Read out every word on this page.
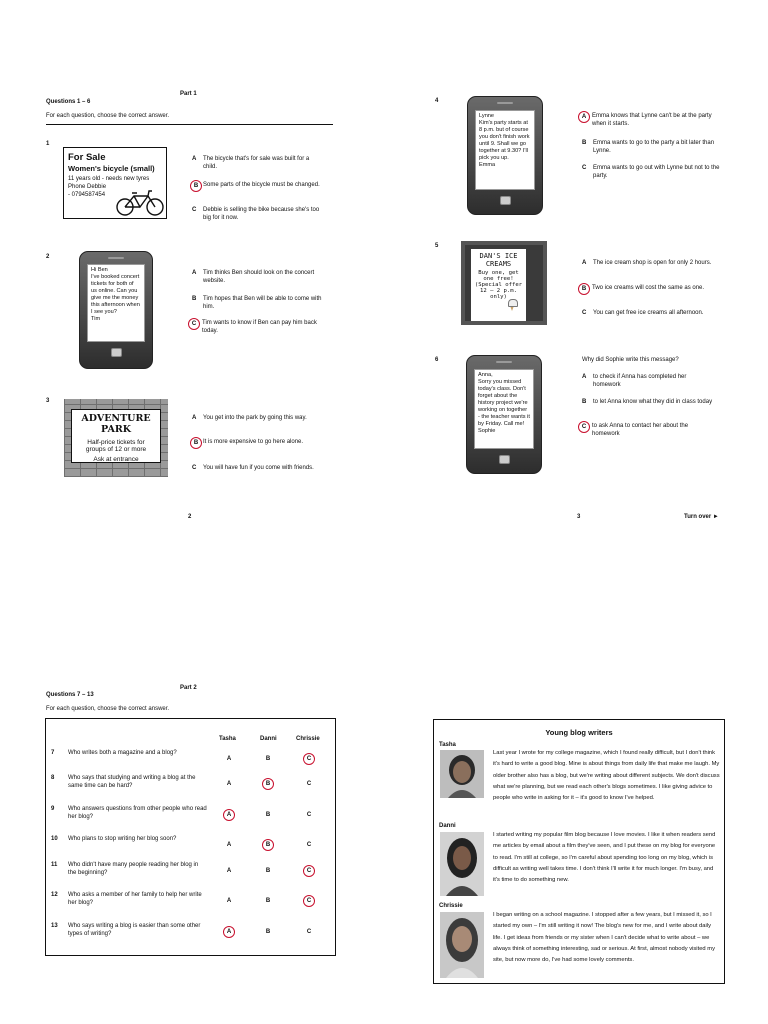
Part 1
Questions 1 – 6
For each question, choose the correct answer.
1
For Sale
Women's bicycle (small)
11 years old - needs new tyres
Phone Debbie
- 0794587454
A	The bicycle that's for sale was built for a child.
B Some parts of the bicycle must be changed.
C	Debbie is selling the bike because she's too big for it now.
2
Hi Ben
I've booked concert tickets for both of us online. Can you give me the money this afternoon when I see you?
Tim
A	Tim thinks Ben should look on the concert website.
B	Tim hopes that Ben will be able to come with him.
C Tim wants to know if Ben can pay him back today.
3
ADVENTURE PARK
Half-price tickets for
groups of 12 or more
Ask at entrance
A	You get into the park by going this way.
B It is more expensive to go here alone.
C	You will have fun if you come with friends.
2
4
Lynne
Kim's party starts at 8 p.m. but of course you don't finish work until 9. Shall we go together at 9.30? I'll pick you up.
Emma
A Emma knows that Lynne can't be at the party when it starts.
B	Emma wants to go to the party a bit later than Lynne.
C	Emma wants to go out with Lynne but not to the party.
5
DAN'S ICE
CREAMS
Buy one, get
one free!
(Special offer
12 – 2 p.m.
only)
A	The ice cream shop is open for only 2 hours.
B Two ice creams will cost the same as one.
C	You can get free ice creams all afternoon.
6
Anna,
Sorry you missed today's class. Don't forget about the history project we're working on together - the teacher wants it by Friday. Call me!
Sophie
Why did Sophie write this message?
A	to check if Anna has completed her homework
B	to let Anna know what they did in class today
C to ask Anna to contact her about the homework
3	Turn over ►
Part 2
Questions 7 – 13
For each question, choose the correct answer.
Tasha	Danni	Chrissie
7 Who writes both a magazine and a blog?
A	B	C
8 Who says that studying and writing a blog at the same time can be hard?	A	B	C
9 Who answers questions from other people who read her blog?	A	B	C
10 Who plans to stop writing her blog soon?
A	B	C
11 Who didn't have many people reading her blog in the beginning?	A	B	C
12 Who asks a member of her family to help her write her blog?	A	B	C
13 Who says writing a blog is easier than some other types of writing?	A	B	C
Young blog writers
Tasha
Last year I wrote for my college magazine, which I found really difficult, but I don't think it's hard to write a good blog. Mine is about things from daily life that make me laugh. My older brother also has a blog, but we're writing about different subjects. We don't discuss what we're planning, but we read each other's blogs sometimes. I like giving advice to people who write in asking for it – it's good to know I've helped.
Danni
I started writing my popular film blog because I love movies. I like it when readers send me articles by email about a film they've seen, and I put these on my blog for everyone to read. I'm still at college, so I'm careful about spending too long on my blog, which is difficult as writing well takes time. I don't think I'll write it for much longer. I'm busy, and it's time to do something new.
Chrissie
I began writing on a school magazine. I stopped after a few years, but I missed it, so I started my own – I'm still writing it now! The blog's new for me, and I write about daily life. I get ideas from friends or my sister when I can't decide what to write about – we always think of something interesting, sad or serious. At first, almost nobody visited my site, but now more do, I've had some lovely comments.
